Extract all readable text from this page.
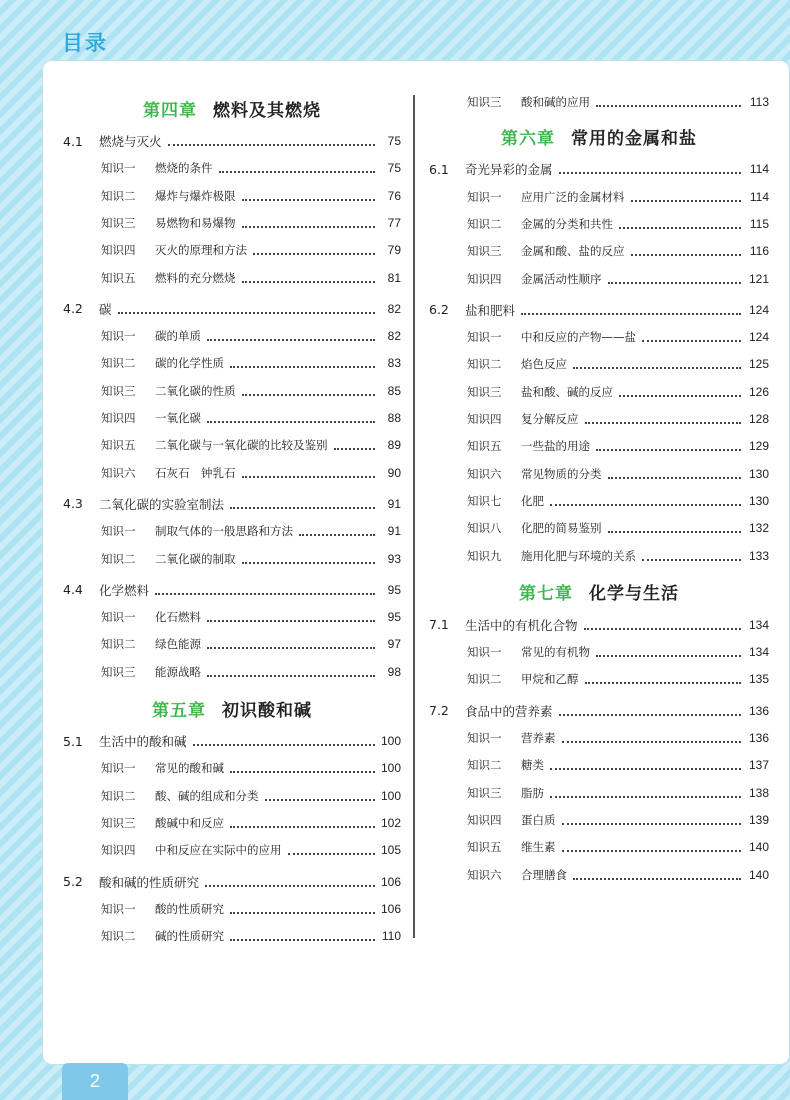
目录
第四章 燃料及其燃烧
4.1	燃烧与灭火	75
知识一 燃烧的条件	75
知识二 爆炸与爆炸极限	76
知识三 易燃物和易爆物	77
知识四 灭火的原理和方法	79
知识五 燃料的充分燃烧	81
4.2	碳	82
知识一 碳的单质	82
知识二 碳的化学性质	83
知识三 二氧化碳的性质	85
知识四 一氧化碳	88
知识五 二氧化碳与一氧化碳的比较及鉴别	89
知识六 石灰石　钟乳石	90
4.3	二氧化碳的实验室制法	91
知识一 制取气体的一般思路和方法	91
知识二 二氧化碳的制取	93
4.4	化学燃料	95
知识一 化石燃料	95
知识二 绿色能源	97
知识三 能源战略	98
第五章 初识酸和碱
5.1	生活中的酸和碱	100
知识一 常见的酸和碱	100
知识二 酸、碱的组成和分类	100
知识三 酸碱中和反应	102
知识四 中和反应在实际中的应用	105
5.2	酸和碱的性质研究	106
知识一 酸的性质研究	106
知识二 碱的性质研究	110
知识三 酸和碱的应用	113
第六章 常用的金属和盐
6.1	奇光异彩的金属	114
知识一 应用广泛的金属材料	114
知识二 金属的分类和共性	115
知识三 金属和酸、盐的反应	116
知识四 金属活动性顺序	121
6.2	盐和肥料	124
知识一 中和反应的产物——盐	124
知识二 焰色反应	125
知识三 盐和酸、碱的反应	126
知识四 复分解反应	128
知识五 一些盐的用途	129
知识六 常见物质的分类	130
知识七 化肥	130
知识八 化肥的简易鉴别	132
知识九 施用化肥与环境的关系	133
第七章 化学与生活
7.1	生活中的有机化合物	134
知识一 常见的有机物	134
知识二 甲烷和乙醇	135
7.2	食品中的营养素	136
知识一 营养素	136
知识二 糖类	137
知识三 脂肪	138
知识四 蛋白质	139
知识五 维生素	140
知识六 合理膳食	140
2
